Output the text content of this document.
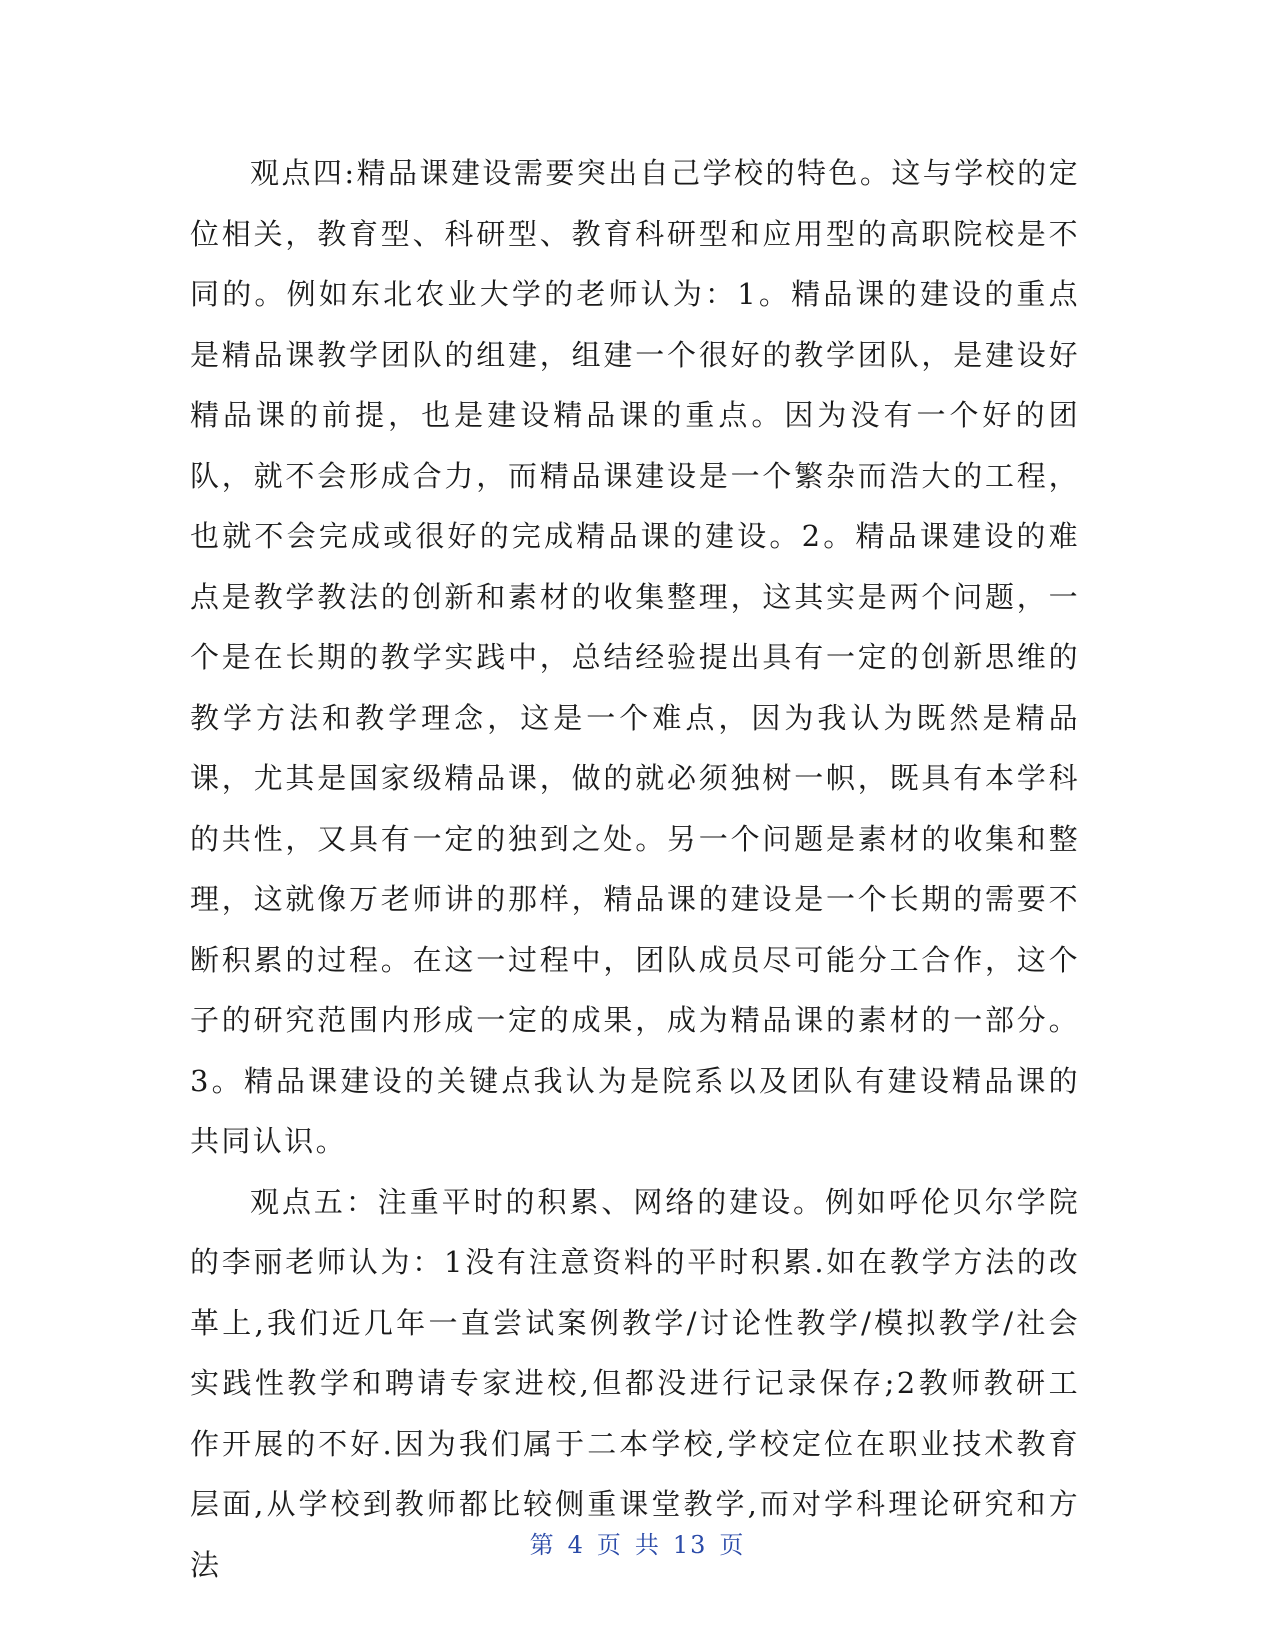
观点四:精品课建设需要突出自己学校的特色。这与学校的定位相关，教育型、科研型、教育科研型和应用型的高职院校是不同的。例如东北农业大学的老师认为：1。精品课的建设的重点是精品课教学团队的组建，组建一个很好的教学团队，是建设好精品课的前提，也是建设精品课的重点。因为没有一个好的团队，就不会形成合力，而精品课建设是一个繁杂而浩大的工程，也就不会完成或很好的完成精品课的建设。2。精品课建设的难点是教学教法的创新和素材的收集整理，这其实是两个问题，一个是在长期的教学实践中，总结经验提出具有一定的创新思维的教学方法和教学理念，这是一个难点，因为我认为既然是精品课，尤其是国家级精品课，做的就必须独树一帜，既具有本学科的共性，又具有一定的独到之处。另一个问题是素材的收集和整理，这就像万老师讲的那样，精品课的建设是一个长期的需要不断积累的过程。在这一过程中，团队成员尽可能分工合作，这个子的研究范围内形成一定的成果，成为精品课的素材的一部分。3。精品课建设的关键点我认为是院系以及团队有建设精品课的共同认识。

观点五：注重平时的积累、网络的建设。例如呼伦贝尔学院的李丽老师认为：1没有注意资料的平时积累.如在教学方法的改革上,我们近几年一直尝试案例教学/讨论性教学/模拟教学/社会实践性教学和聘请专家进校,但都没进行记录保存;2教师教研工作开展的不好.因为我们属于二本学校,学校定位在职业技术教育层面,从学校到教师都比较侧重课堂教学,而对学科理论研究和方法

第 4 页 共 13 页
